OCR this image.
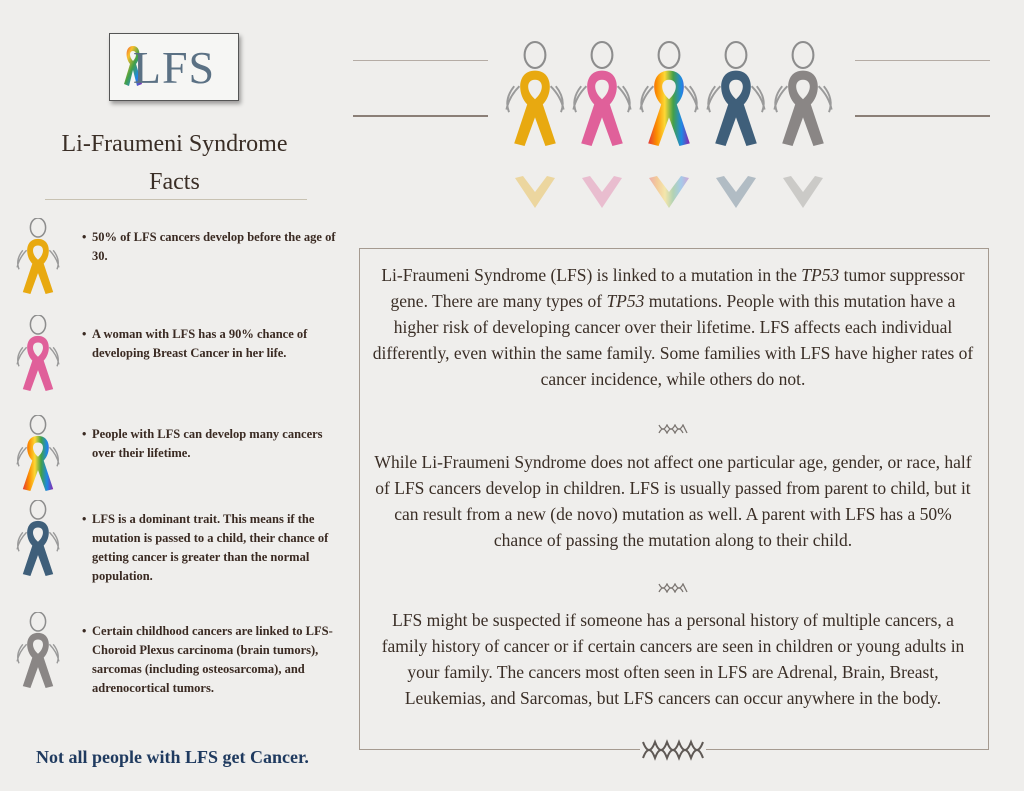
LFS
Li-Fraumeni Syndrome
Facts
• 50% of LFS cancers develop before the age of 30.
• A woman with LFS has a 90% chance of developing Breast Cancer in her life.
• People with LFS can develop many cancers over their lifetime.
• LFS is a dominant trait. This means if the mutation is passed to a child, their chance of getting cancer is greater than the normal population.
• Certain childhood cancers are linked to LFS- Choroid Plexus carcinoma (brain tumors), sarcomas (including osteosarcoma), and adrenocortical tumors.
Not all people with LFS get Cancer.
Li-Fraumeni Syndrome (LFS) is linked to a mutation in the TP53 tumor suppressor gene. There are many types of TP53 mutations. People with this mutation have a higher risk of developing cancer over their lifetime. LFS affects each individual differently, even within the same family. Some families with LFS have higher rates of cancer incidence, while others do not.
While Li-Fraumeni Syndrome does not affect one particular age, gender, or race, half of LFS cancers develop in children. LFS is usually passed from parent to child, but it can result from a new (de novo) mutation as well. A parent with LFS has a 50% chance of passing the mutation along to their child.
LFS might be suspected if someone has a personal history of multiple cancers, a family history of cancer or if certain cancers are seen in children or young adults in your family. The cancers most often seen in LFS are Adrenal, Brain, Breast, Leukemias, and Sarcomas, but LFS cancers can occur anywhere in the body.
